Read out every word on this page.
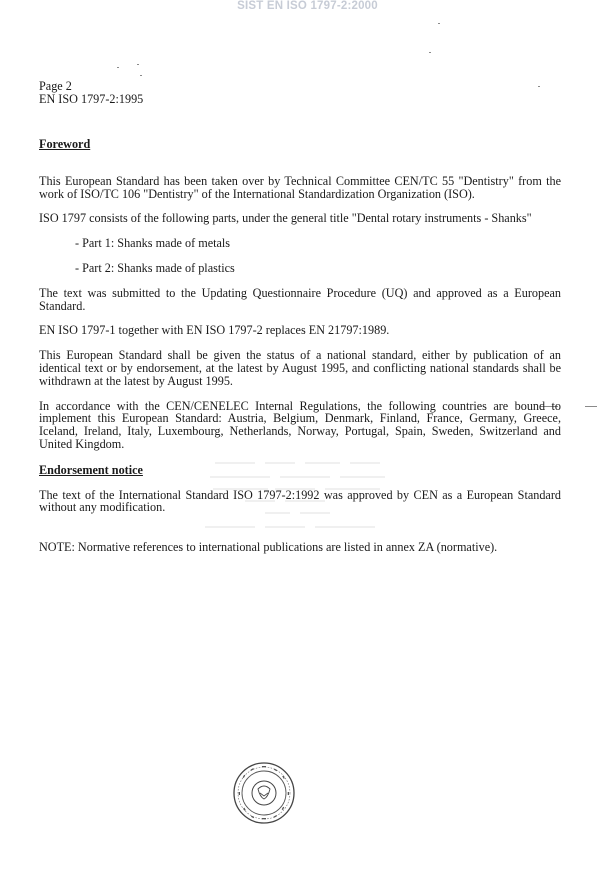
SIST EN ISO 1797-2:2000
Page 2
EN ISO 1797-2:1995
Foreword

This European Standard has been taken over by Technical Committee CEN/TC 55 "Dentistry" from the work of ISO/TC 106 "Dentistry" of the International Standardization Organization (ISO).

ISO 1797 consists of the following parts, under the general title "Dental rotary instruments - Shanks"

- Part 1: Shanks made of metals

- Part 2: Shanks made of plastics

The text was submitted to the Updating Questionnaire Procedure (UQ) and approved as a European Standard.

EN ISO 1797-1 together with EN ISO 1797-2 replaces EN 21797:1989.

This European Standard shall be given the status of a national standard, either by publication of an identical text or by endorsement, at the latest by August 1995, and conflicting national standards shall be withdrawn at the latest by August 1995.

In accordance with the CEN/CENELEC Internal Regulations, the following countries are bound to implement this European Standard: Austria, Belgium, Denmark, Finland, France, Germany, Greece, Iceland, Ireland, Italy, Luxembourg, Netherlands, Norway, Portugal, Spain, Sweden, Switzerland and United Kingdom.

Endorsement notice

The text of the International Standard ISO 1797-2:1992 was approved by CEN as a European Standard without any modification.

NOTE: Normative references to international publications are listed in annex ZA (normative).
